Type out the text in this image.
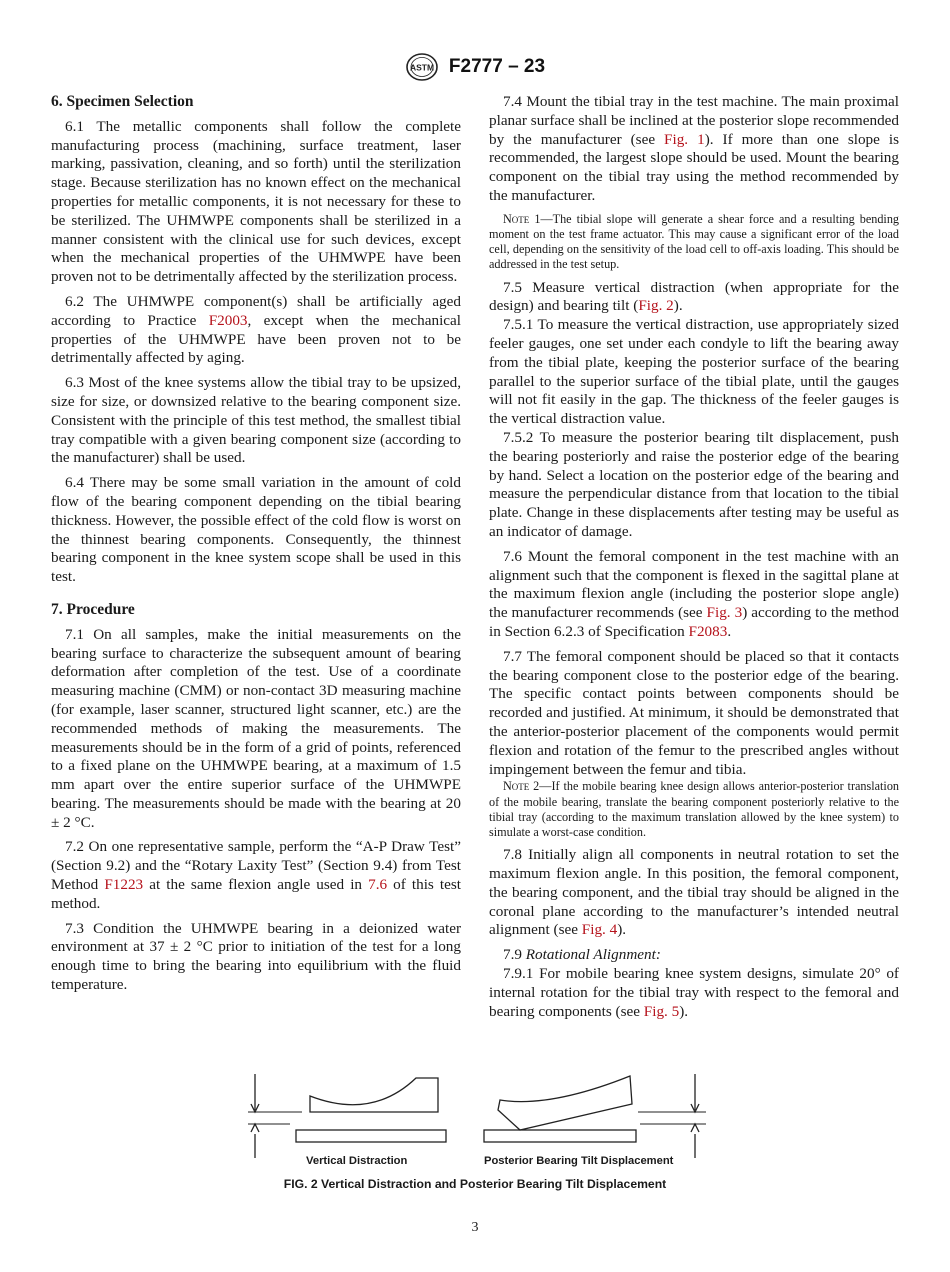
ASTM F2777 – 23
6. Specimen Selection

6.1 The metallic components shall follow the complete manufacturing process (machining, surface treatment, laser marking, passivation, cleaning, and so forth) until the sterilization stage. Because sterilization has no known effect on the mechanical properties for metallic components, it is not necessary for these to be sterilized. The UHMWPE components shall be sterilized in a manner consistent with the clinical use for such devices, except when the mechanical properties of the UHMWPE have been proven not to be detrimentally affected by the sterilization process.

6.2 The UHMWPE component(s) shall be artificially aged according to Practice F2003, except when the mechanical properties of the UHMWPE have been proven not to be detrimentally affected by aging.

6.3 Most of the knee systems allow the tibial tray to be upsized, size for size, or downsized relative to the bearing component size. Consistent with the principle of this test method, the smallest tibial tray compatible with a given bearing component size (according to the manufacturer) shall be used.

6.4 There may be some small variation in the amount of cold flow of the bearing component depending on the tibial bearing thickness. However, the possible effect of the cold flow is worst on the thinnest bearing components. Consequently, the thinnest bearing component in the knee system scope shall be used in this test.

7. Procedure

7.1 On all samples, make the initial measurements on the bearing surface to characterize the subsequent amount of bearing deformation after completion of the test. Use of a coordinate measuring machine (CMM) or non-contact 3D measuring machine (for example, laser scanner, structured light scanner, etc.) are the recommended methods of making the measurements. The measurements should be in the form of a grid of points, referenced to a fixed plane on the UHMWPE bearing, at a maximum of 1.5 mm apart over the entire superior surface of the UHMWPE bearing. The measurements should be made with the bearing at 20 ± 2 °C.

7.2 On one representative sample, perform the “A-P Draw Test” (Section 9.2) and the “Rotary Laxity Test” (Section 9.4) from Test Method F1223 at the same flexion angle used in 7.6 of this test method.

7.3 Condition the UHMWPE bearing in a deionized water environment at 37 ± 2 °C prior to initiation of the test for a long enough time to bring the bearing into equilibrium with the fluid temperature.

7.4 Mount the tibial tray in the test machine. The main proximal planar surface shall be inclined at the posterior slope recommended by the manufacturer (see Fig. 1). If more than one slope is recommended, the largest slope should be used. Mount the bearing component on the tibial tray using the method recommended by the manufacturer.

Note 1—The tibial slope will generate a shear force and a resulting bending moment on the test frame actuator. This may cause a significant error of the load cell, depending on the sensitivity of the load cell to off-axis loading. This should be addressed in the test setup.

7.5 Measure vertical distraction (when appropriate for the design) and bearing tilt (Fig. 2).

7.5.1 To measure the vertical distraction, use appropriately sized feeler gauges, one set under each condyle to lift the bearing away from the tibial plate, keeping the posterior surface of the bearing parallel to the superior surface of the tibial plate, until the gauges will not fit easily in the gap. The thickness of the feeler gauges is the vertical distraction value.

7.5.2 To measure the posterior bearing tilt displacement, push the bearing posteriorly and raise the posterior edge of the bearing by hand. Select a location on the posterior edge of the bearing and measure the perpendicular distance from that location to the tibial plate. Change in these displacements after testing may be useful as an indicator of damage.

7.6 Mount the femoral component in the test machine with an alignment such that the component is flexed in the sagittal plane at the maximum flexion angle (including the posterior slope angle) the manufacturer recommends (see Fig. 3) according to the method in Section 6.2.3 of Specification F2083.

7.7 The femoral component should be placed so that it contacts the bearing component close to the posterior edge of the bearing. The specific contact points between components should be recorded and justified. At minimum, it should be demonstrated that the anterior-posterior placement of the components would permit flexion and rotation of the femur to the prescribed angles without impingement between the femur and tibia.

Note 2—If the mobile bearing knee design allows anterior-posterior translation of the mobile bearing, translate the bearing component posteriorly relative to the tibial tray (according to the maximum translation allowed by the knee system) to simulate a worst-case condition.

7.8 Initially align all components in neutral rotation to set the maximum flexion angle. In this position, the femoral component, the bearing component, and the tibial tray should be aligned in the coronal plane according to the manufacturer’s intended neutral alignment (see Fig. 4).

7.9 Rotational Alignment:

7.9.1 For mobile bearing knee system designs, simulate 20° of internal rotation for the tibial tray with respect to the femoral and bearing components (see Fig. 5).

Vertical Distraction	Posterior Bearing Tilt Displacement
FIG. 2 Vertical Distraction and Posterior Bearing Tilt Displacement
3
